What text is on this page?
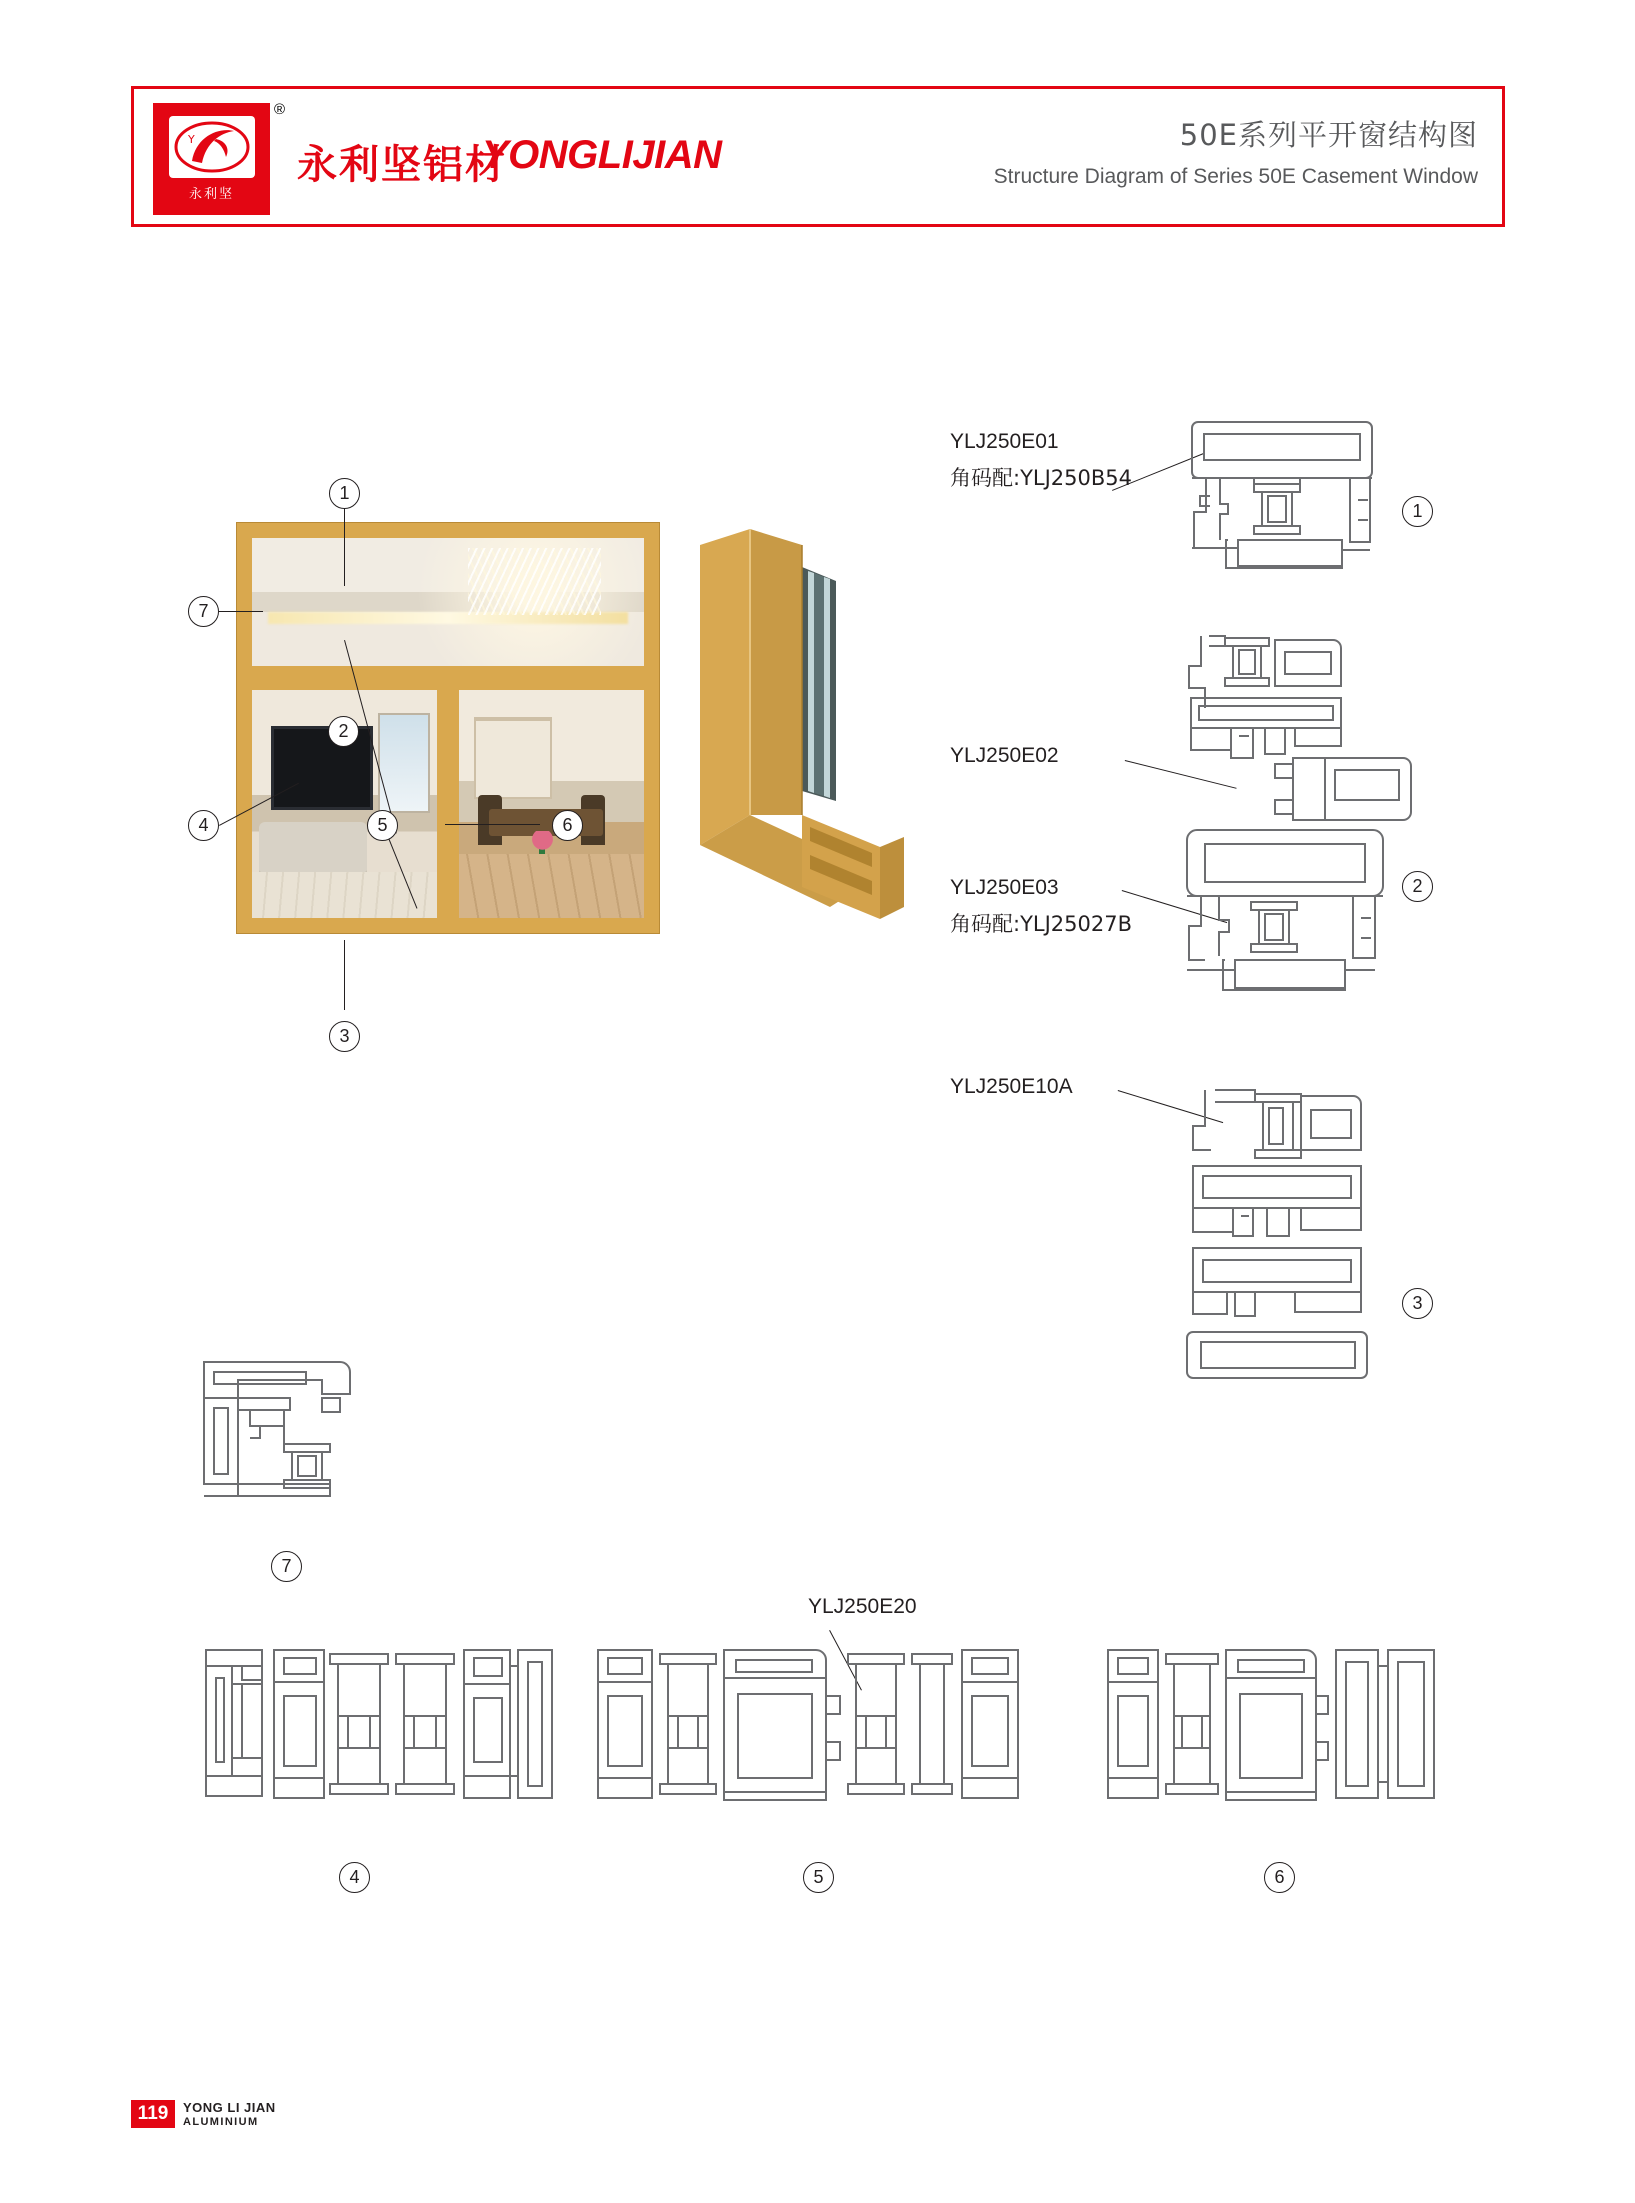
Y
永利坚
®
永利坚铝材
YONGLIJIAN	50E系列平开窗结构图
Structure Diagram of Series 50E Casement Window
1
7
2
4	5	6
3
YLJ250E01
角码配:YLJ250B54
YLJ250E02
YLJ250E03
角码配:YLJ25027B
YLJ250E10A
1
2
3
7
YLJ250E20
4	5	6
119	YONG LI JIAN
ALUMINIUM
